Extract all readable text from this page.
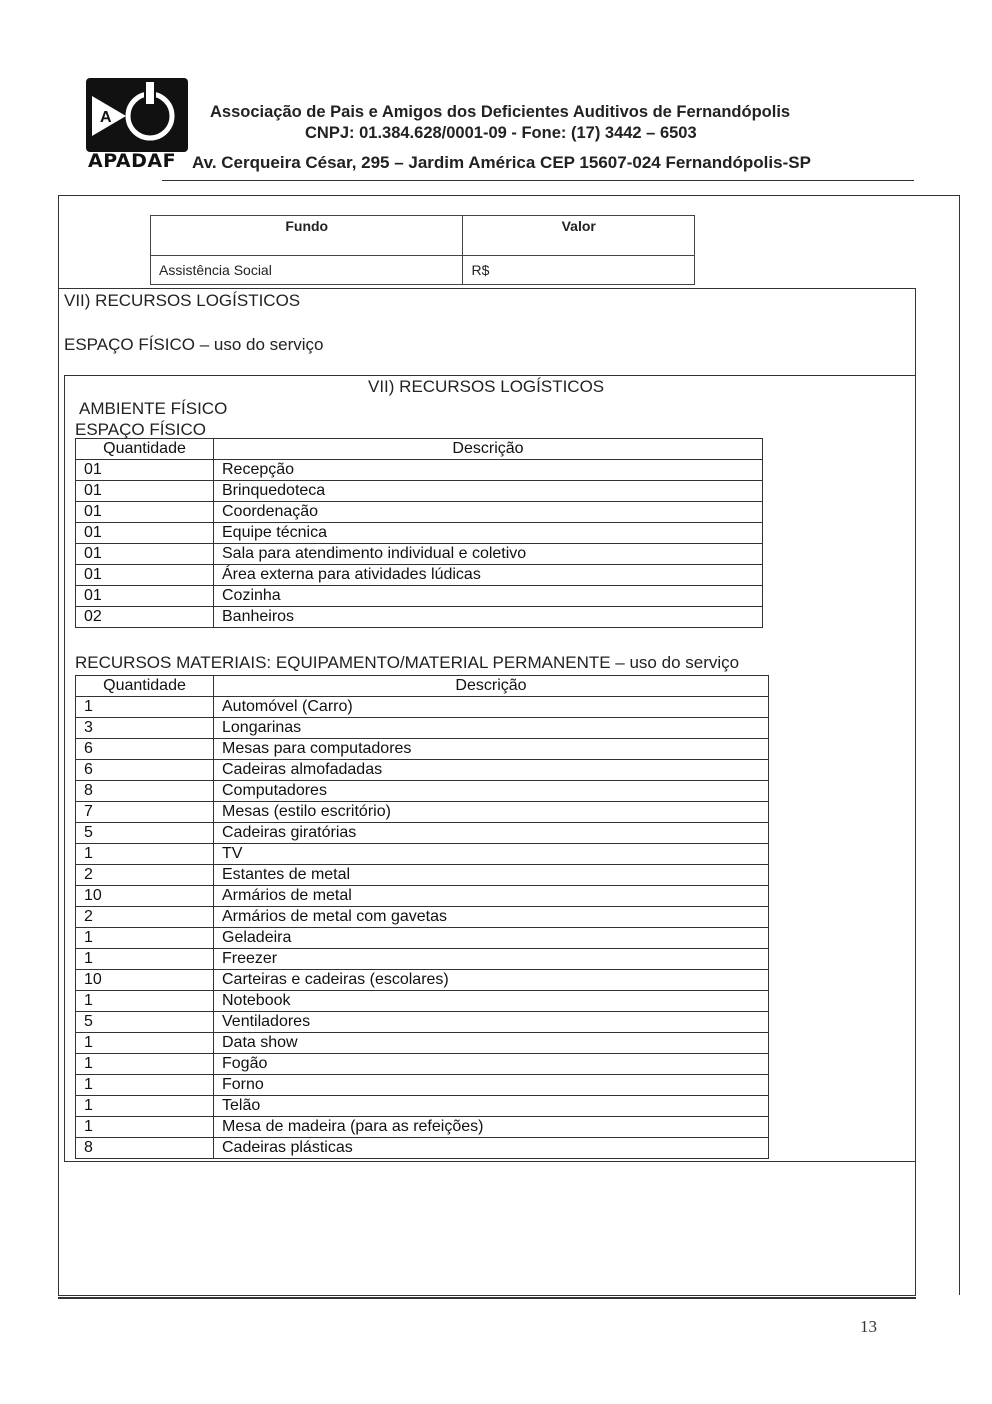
A
APADAF
Associação de Pais e Amigos dos Deficientes Auditivos de Fernandópolis
CNPJ: 01.384.628/0001-09 - Fone: (17) 3442 – 6503
Av. Cerqueira César, 295 – Jardim América CEP 15607-024 Fernandópolis-SP
Fundo	Valor
Assistência Social	R$
VII) RECURSOS LOGÍSTICOS
ESPAÇO FÍSICO – uso do serviço
VII) RECURSOS LOGÍSTICOS
AMBIENTE FÍSICO
ESPAÇO FÍSICO
Quantidade	Descrição
01	Recepção
01	Brinquedoteca
01	Coordenação
01	Equipe técnica
01	Sala para atendimento individual e coletivo
01	Área externa para atividades lúdicas
01	Cozinha
02	Banheiros
RECURSOS MATERIAIS: EQUIPAMENTO/MATERIAL PERMANENTE – uso do serviço
Quantidade	Descrição
1	Automóvel (Carro)
3	Longarinas
6	Mesas para computadores
6	Cadeiras almofadadas
8	Computadores
7	Mesas (estilo escritório)
5	Cadeiras giratórias
1	TV
2	Estantes de metal
10	Armários de metal
2	Armários de metal com gavetas
1	Geladeira
1	Freezer
10	Carteiras e cadeiras (escolares)
1	Notebook
5	Ventiladores
1	Data show
1	Fogão
1	Forno
1	Telão
1	Mesa de madeira (para as refeições)
8	Cadeiras plásticas
13
